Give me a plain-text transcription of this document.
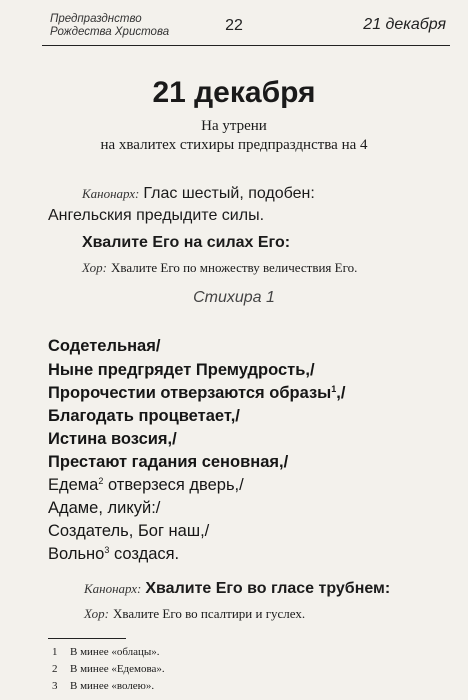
Предпразднство
Рождества Христова	22	21 декабря
21 декабря
На утрени
на хвалитех стихиры предпразднства на 4
Канонарх: Глас шестый, подобен:
Ангельския предыдите силы.
Хвалите Его на силах Его:
Хор: Хвалите Его по множеству величествия Его.
Стихира 1
Содетельная/
Ныне предгрядет Премудрость,/
Пророчестии отверзаются образы$^1$,/
Благодать процветает,/
Истина возсия,/
Престают гадания сеновная,/
Едема$^2$ отверзеся дверь,/
Адаме, ликуй:/
Создатель, Бог наш,/
Вольно$^3$ создася.
Канонарх: Хвалите Его во гласе трубнем:
Хор: Хвалите Его во псалтири и гуслех.
1 В минее «облацы».
2 В минее «Едемова».
3 В минее «волею».
